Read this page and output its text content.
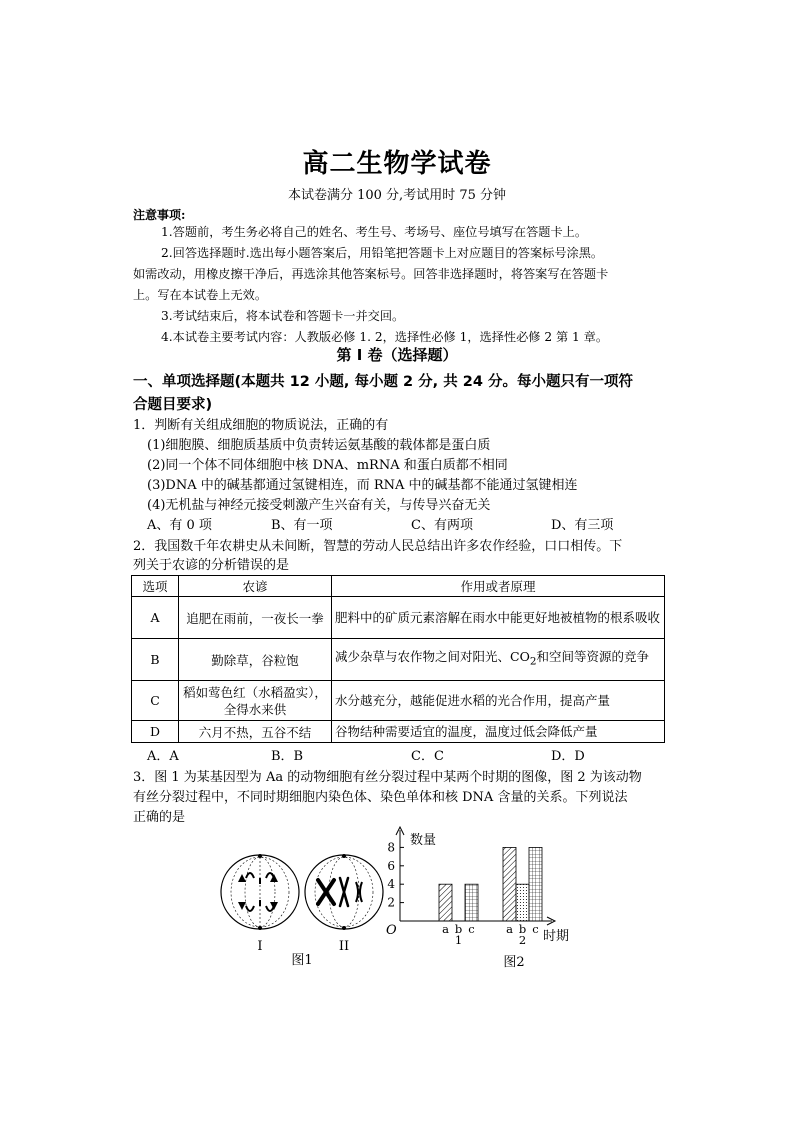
高二生物学试卷
本试卷满分 100 分,考试用时 75 分钟
注意事项:
1.答题前，考生务必将自己的姓名、考生号、考场号、座位号填写在答题卡上。
2.回答选择题时.选出每小题答案后，用铅笔把答题卡上对应题目的答案标号涂黑。
如需改动，用橡皮擦干净后，再选涂其他答案标号。回答非选择题时，将答案写在答题卡
上。写在本试卷上无效。
3.考试结束后，将本试卷和答题卡一并交回。
4.本试卷主要考试内容：人教版必修 1. 2，选择性必修 1，选择性必修 2 第 1 章。
第 I 卷（选择题）
一、单项选择题(本题共 12 小题, 每小题 2 分, 共 24 分。每小题只有一项符
合题目要求)
1．判断有关组成细胞的物质说法，正确的有
(1)细胞膜、细胞质基质中负责转运氨基酸的载体都是蛋白质
(2)同一个体不同体细胞中核 DNA、mRNA 和蛋白质都不相同
(3)DNA 中的碱基都通过氢键相连，而 RNA 中的碱基都不能通过氢键相连
(4)无机盐与神经元接受刺激产生兴奋有关，与传导兴奋无关
A、有 0 项	B、有一项	C、有两项	D、有三项
2．我国数千年农耕史从未间断，智慧的劳动人民总结出许多农作经验，口口相传。下
列关于农谚的分析错误的是
选项	农谚	作用或者原理
A	追肥在雨前，一夜长一拳	肥料中的矿质元素溶解在雨水中能更好地被植物的根系吸收
B	勤除草，谷粒饱	减少杂草与农作物之间对阳光、$CO_2$和空间等资源的竞争
C	稻如莺色红（水稻盈实），全得水来供	水分越充分，越能促进水稻的光合作用，提高产量
D	六月不热，五谷不结	谷物结种需要适宜的温度，温度过低会降低产量
A．A	B．B	C．C	D．D
3．图 1 为某基因型为 Aa 的动物细胞有丝分裂过程中某两个时期的图像，图 2 为该动物
有丝分裂过程中，不同时期细胞内染色体、染色单体和核 DNA 含量的关系。下列说法
正确的是
I	II
图1
数量
时期
O
图2
2
4
6
8
a b c
1
a b c
2
